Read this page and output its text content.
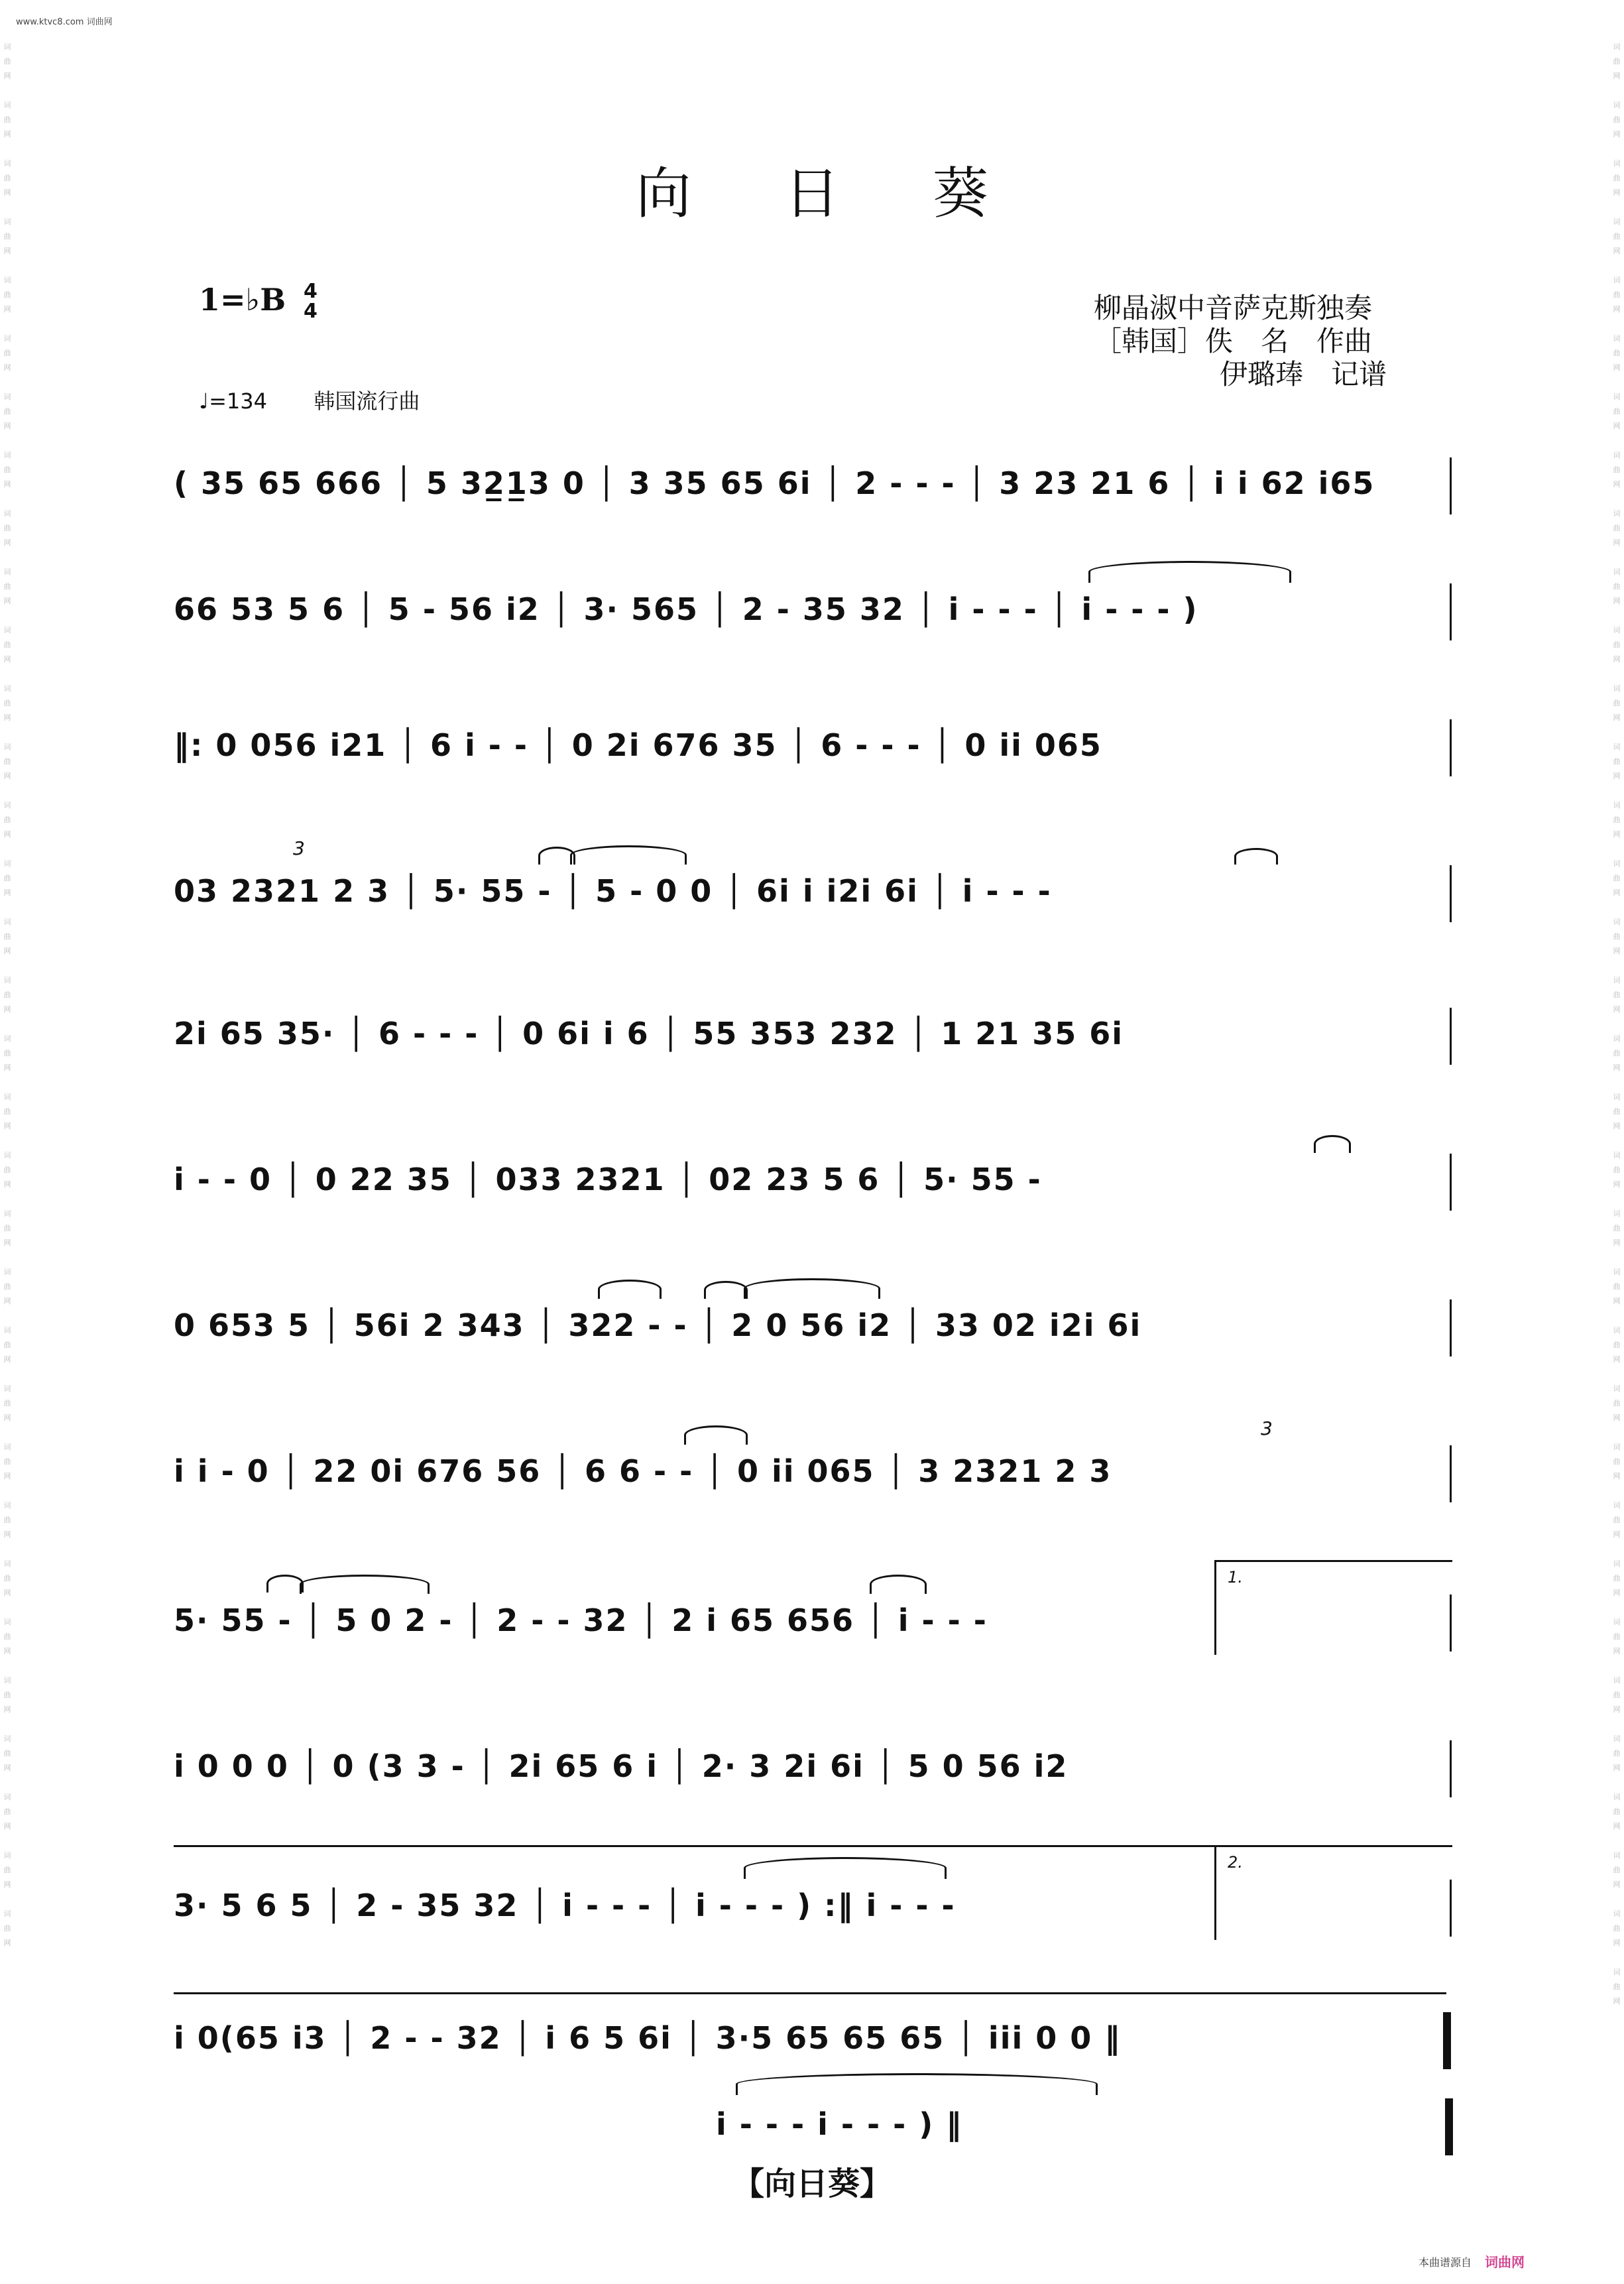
www.ktvc8.com 词曲网
词
曲
网

词
曲
网

词
曲
网

词
曲
网

词
曲
网

词
曲
网

词
曲
网

词
曲
网

词
曲
网

词
曲
网

词
曲
网

词
曲
网

词
曲
网

词
曲
网

词
曲
网

词
曲
网

词
曲
网

词
曲
网

词
曲
网

词
曲
网

词
曲
网

词
曲
网

词
曲
网

词
曲
网

词
曲
网

词
曲
网

词
曲
网

词
曲
网

词
曲
网

词
曲
网

词
曲
网

词
曲
网

词
曲
网
词
曲
网

词
曲
网

词
曲
网

词
曲
网

词
曲
网

词
曲
网

词
曲
网

词
曲
网

词
曲
网

词
曲
网

词
曲
网

词
曲
网

词
曲
网

词
曲
网

词
曲
网

词
曲
网

词
曲
网

词
曲
网

词
曲
网

词
曲
网

词
曲
网

词
曲
网

词
曲
网

词
曲
网

词
曲
网

词
曲
网

词
曲
网

词
曲
网

词
曲
网

词
曲
网

词
曲
网

词
曲
网

词
曲
网

词
曲
网
向日葵
1=♭B 4
4
♩=134 韩国流行曲
柳晶淑中音萨克斯独奏
［韩国］佚　名　作曲
伊璐琫　记谱
( 35 65 666 │ 5 32̲1̲3 0 │ 3 35 65 6i │ 2 - - - │ 3 23 21 6 │ i i 62 i65
66 53 5 6 │ 5 - 56 i2 │ 3· 565 │ 2 - 35 32 │ i - - - │ i - - - )
‖: 0 056 i21 │ 6 i - - │ 0 2i 676 35 │ 6 - - - │ 0 ii 065
03 2321 2 3 │ 5· 55 - │ 5 - 0 0 │ 6i i i2i 6i │ i - - -
3
2i 65 35· │ 6 - - - │ 0 6i i 6 │ 55 353 232 │ 1 21 35 6i
i - - 0 │ 0 22 35 │ 033 2321 │ 02 23 5 6 │ 5· 55 -
0 653 5 │ 56i 2 343 │ 322 - - │ 2 0 56 i2 │ 33 02 i2i 6i
i i - 0 │ 22 0i 676 56 │ 6 6 - - │ 0 ii 065 │ 3 2321 2 3
3
5· 55 - │ 5 0 2 - │ 2 - - 32 │ 2 i 65 656 │ i - - -
1.
i 0 0 0 │ 0 (3 3 - │ 2i 65 6 i │ 2· 3 2i 6i │ 5 0 56 i2
3· 5 6 5 │ 2 - 35 32 │ i - - - │ i - - - ) :‖ i - - -
2.
i 0(65 i3 │ 2 - - 32 │ i 6 5 6i │ 3·5 65 65 65 │ iii 0 0 ‖
i - - - i - - - ) ‖
【向日葵】
本曲谱源自 词曲网
